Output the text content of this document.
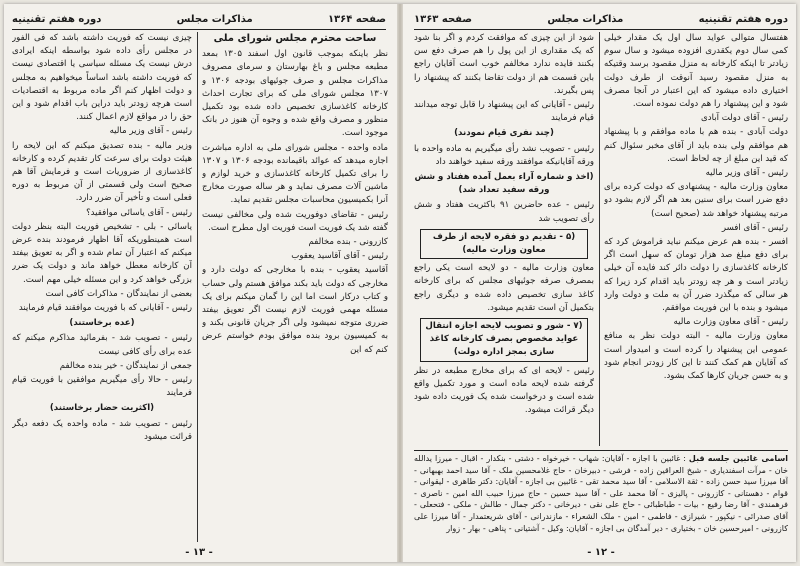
صفحه ۱۳۶۴
مذاکرات مجلس
دوره هفتم تقنینیه

ساحت محترم مجلس شورای ملی

نظر باینکه بموجب قانون اول اسفند ۱۳۰۵ بمعد مطبعه مجلس و باغ بهارستان و سرمای مصروف مذاکرات مجلس و صرف جوئیهای بودجه ۱۳۰۶ و ۱۳۰۷ مجلس شورای ملی که برای تجارت احداث کارخانه کاغذسازی تخصیص داده شده بود تکمیل منظور و مصرف واقع شده و وجوه آن هنوز در بانک موجود است.

ماده واحده - مجلس شورای ملی به اداره مباشرت اجازه میدهد که عوائد باقیمانده بودجه ۱۳۰۶ و ۱۳۰۷ را برای تکمیل کارخانه کاغذسازی و خرید لوازم و ماشین آلات مصرف نماید و هر ساله صورت مخارج آنرا بکمیسیون محاسبات مجلس تقدیم نماید.

رئیس - تقاضای دوفوریت شده ولی مخالفی نیست گفته شد یک فوریت است فوریت اول مطرح است.

کازرونی - بنده مخالفم

رئیس - آقای آقاسید یعقوب

آقاسید یعقوب - بنده با مخارجی که دولت دارد و مخارجی که دولت باید بکند موافق هستم ولی حساب و کتاب درکار است اما این را گمان میکنم برای یک مسئله مهمی فوریت لازم نیست اگر تعویق بیفتد ضرری متوجه نمیشود ولی اگر جریان قانونی بکند و به کمیسیون برود بنده موافق بودم خواستم عرض کنم که این

چیزی نیست که فوریت داشته باشد که فی الفور در مجلس رأی داده شود بواسطه اینکه ایرادی درش نیست یک مسئله سیاسی یا اقتصادی نیست که فوریت داشته باشد اساساً میخواهیم به مجلس و دولت اظهار کنم اگر ماده مربوط به اقتصادیات است هرچه زودتر باید دراین باب اقدام شود و این حق را در مواقع لازم اعمال کنند.

رئیس - آقای وزیر مالیه

وزیر مالیه - بنده تصدیق میکنم که این لایحه را هیئت دولت برای سرعت کار تقدیم کرده و کارخانه کاغذسازی از ضروریات است و فرمایش آقا هم صحیح است ولی قسمتی از آن مربوط به دوره فعلی است و تأخیر آن ضرر دارد.

رئیس - آقای یاسائی موافقید؟

یاسائی - بلی - تشخیص فوریت البته بنظر دولت است همینطوریکه آقا اظهار فرمودند بنده عرض میکنم که اعتبار آن تمام شده و اگر به تعویق بیفتد آن کارخانه معطل خواهد ماند و دولت یک ضرر بزرگی خواهد کرد و این مسئله خیلی مهم است.

بعضی از نمایندگان - مذاکرات کافی است

رئیس - آقایانی که با فوریت موافقند قیام فرمایند

(عده برخاستند)

رئیس - تصویب شد - بفرمائید مذاکرم میکنم که عده برای رأی کافی نیست

جمعی از نمایندگان - خیر بنده مخالفم

رئیس - حالا رأی میگیریم موافقین با فوریت قیام فرمایند

(اکثریت حضار برخاستند)

رئیس - تصویب شد - ماده واحده یک دفعه دیگر قرائت میشود

- ۱۳ -
دوره هفتم تقنینیه
مذاکرات مجلس
صفحه ۱۳۶۳

هفتسال متوالی عواید سال اول یک مقدار خیلی کمی سال دوم یکقدری افزوده میشود و سال سوم زیادتر تا اینکه کارخانه به منزل مقصود برسد وقتیکه به منزل مقصود رسید آنوقت از طرف دولت اختیاری داده میشود که این اعتبار در آنجا مصرف شود و این پیشنهاد را هم دولت نموده است.

رئیس - آقای دولت آبادی

دولت آبادی - بنده هم با ماده موافقم و با پیشنهاد هم موافقم ولی بنده باید از آقای مخبر سئوال کنم که قید این مبلغ از چه لحاظ است.

رئیس - آقای وزیر مالیه

معاون وزارت مالیه - پیشنهادی که دولت کرده برای دفع ضرر است برای سنین بعد هم اگر لازم بشود دو مرتبه پیشنهاد خواهد شد (صحیح است)

رئیس - آقای افسر

افسر - بنده هم عرض میکنم نباید فراموش کرد که برای دفع مبلغ صد هزار تومان که سهل است اگر کارخانه کاغذسازی را دولت دائر کند فایده آن خیلی زیادتر است و هر چه زودتر باید اقدام کرد زیرا که هر سالی که میگذرد ضرر آن به ملت و دولت وارد میشود و بنده با این فوریت موافقم.

رئیس - آقای معاون وزارت مالیه

معاون وزارت مالیه - البته دولت نظر به منافع عمومی این پیشنهاد را کرده است و امیدوار است که آقایان هم کمک کنند تا این کار زودتر انجام شود و به حسن جریان کارها کمک بشود.

شود از این چیزی که موافقت کردم و اگر بنا شود که یک مقداری از این پول را هم صرف دفع سن بکنند فایده ندارد مخالفم خوب است آقایان راجع باین قسمت هم از دولت تقاضا بکنند که پیشنهاد را پس بگیرند.

رئیس - آقایانی که این پیشنهاد را قابل توجه میدانند قیام فرمایند

(چند نفری قیام نمودند)

رئیس - تصویب نشد رأی میگیریم به ماده واحده با ورقه آقایانیکه موافقند ورقه سفید خواهند داد

(اخذ و شماره آراء بعمل آمده هفتاد و شش ورقه سفید تعداد شد)

رئیس - عده حاضرین ۹۱ باکثریت هفتاد و شش رأی تصویب شد

(۵ - تقدیم دو فقره لایحه از طرف معاون وزارت مالیه)

معاون وزارت مالیه - دو لایحه است یکی راجع بمصرف صرفه جوئیهای مجلس که برای کارخانه کاغذ سازی تخصیص داده شده و دیگری راجع بتکمیل آن است تقدیم میشود.

(۷ - شور و تصویب لایحه اجازه انتقال عواید مخصوص بصرف کارخانه کاغذ سازی بمجز اداره دولت)

رئیس - لایحه ای که برای مخارج مطبعه در نظر گرفته شده لایحه ماده است و مورد تکمیل واقع شده است و درخواست شده یک فوریت داده شود دیگر قرائت میشود.

اسامی غائبین جلسه قبل : غائبین با اجازه - آقایان: شهاب - خیرخواه - دشتی - بنکدار - اقبال - میرزا یدالله خان - مرآت اسفندیاری - شیخ العراقین زاده - فرشی - دبیرخان - حاج غلامحسین ملک - آقا سید احمد بهبهانی - آقا میرزا سید حسن زاده - ثقة الاسلامی - آقا سید محمد تقی - غائبین بی اجازه - آقایان: دکتر طاهری - لیقوانی - قوام - دهستانی - کازرونی - پالیزی - آقا محمد علی - آقا سید حسین - حاج میرزا حبیب الله امین - ناصری - فرهمندی - آقا رضا رفیع - بیات - طباطبائی - حاج علی نقی - دیرخانی - دکتر جمال - طالش - ملکی - فتحعلی - آقای صدرائی - نیکپور - شیرازی - فاطمی - امین - ملک الشعراء - مازندرانی - آقای شریعتمدار - آقا میرزا علی کازرونی - امیرحسین خان - بختیاری - دیر آمدگان بی اجازه - آقایان: وکیل - آشتیانی - پناهی - بهار - زوار
- ۱۲ -
